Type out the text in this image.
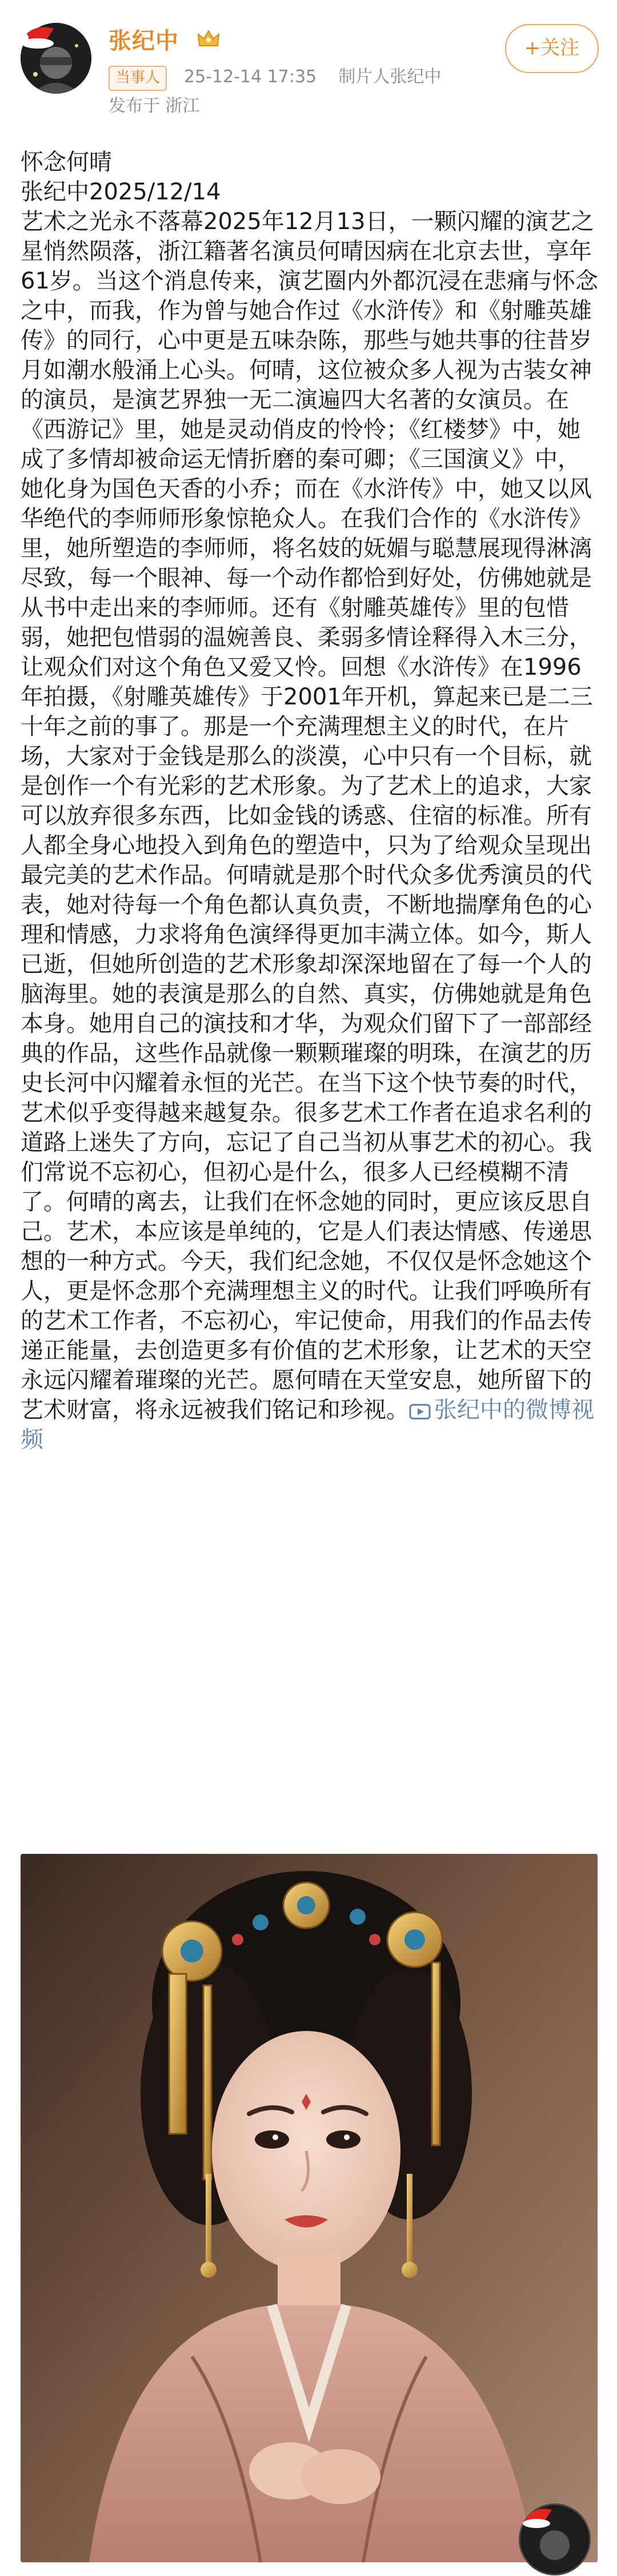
张纪中
当事人	25-12-14 17:35 制片人张纪中
发布于 浙江
+关注

怀念何晴

张纪中2025/12/14

艺术之光永不落幕2025年12月13日，一颗闪耀的演艺之星悄然陨落，浙江籍著名演员何晴因病在北京去世，享年61岁。当这个消息传来，演艺圈内外都沉浸在悲痛与怀念之中，而我，作为曾与她合作过《水浒传》和《射雕英雄传》的同行，心中更是五味杂陈，那些与她共事的往昔岁月如潮水般涌上心头。何晴，这位被众多人视为古装女神的演员，是演艺界独一无二演遍四大名著的女演员。在《西游记》里，她是灵动俏皮的怜怜；《红楼梦》中，她成了多情却被命运无情折磨的秦可卿；《三国演义》中，她化身为国色天香的小乔；而在《水浒传》中，她又以风华绝代的李师师形象惊艳众人。在我们合作的《水浒传》里，她所塑造的李师师，将名妓的妩媚与聪慧展现得淋漓尽致，每一个眼神、每一个动作都恰到好处，仿佛她就是从书中走出来的李师师。还有《射雕英雄传》里的包惜弱，她把包惜弱的温婉善良、柔弱多情诠释得入木三分，让观众们对这个角色又爱又怜。回想《水浒传》在1996年拍摄，《射雕英雄传》于2001年开机，算起来已是二三十年之前的事了。那是一个充满理想主义的时代，在片场，大家对于金钱是那么的淡漠，心中只有一个目标，就是创作一个有光彩的艺术形象。为了艺术上的追求，大家可以放弃很多东西，比如金钱的诱惑、住宿的标准。所有人都全身心地投入到角色的塑造中，只为了给观众呈现出最完美的艺术作品。何晴就是那个时代众多优秀演员的代表，她对待每一个角色都认真负责，不断地揣摩角色的心理和情感，力求将角色演绎得更加丰满立体。如今，斯人已逝，但她所创造的艺术形象却深深地留在了每一个人的脑海里。她的表演是那么的自然、真实，仿佛她就是角色本身。她用自己的演技和才华，为观众们留下了一部部经典的作品，这些作品就像一颗颗璀璨的明珠，在演艺的历史长河中闪耀着永恒的光芒。在当下这个快节奏的时代，艺术似乎变得越来越复杂。很多艺术工作者在追求名利的道路上迷失了方向，忘记了自己当初从事艺术的初心。我们常说不忘初心，但初心是什么，很多人已经模糊不清了。何晴的离去，让我们在怀念她的同时，更应该反思自己。艺术，本应该是单纯的，它是人们表达情感、传递思想的一种方式。今天，我们纪念她，不仅仅是怀念她这个人，更是怀念那个充满理想主义的时代。让我们呼唤所有的艺术工作者，不忘初心，牢记使命，用我们的作品去传递正能量，去创造更多有价值的艺术形象，让艺术的天空永远闪耀着璀璨的光芒。愿何晴在天堂安息，她所留下的艺术财富，将永远被我们铭记和珍视。 张纪中的微博视频
